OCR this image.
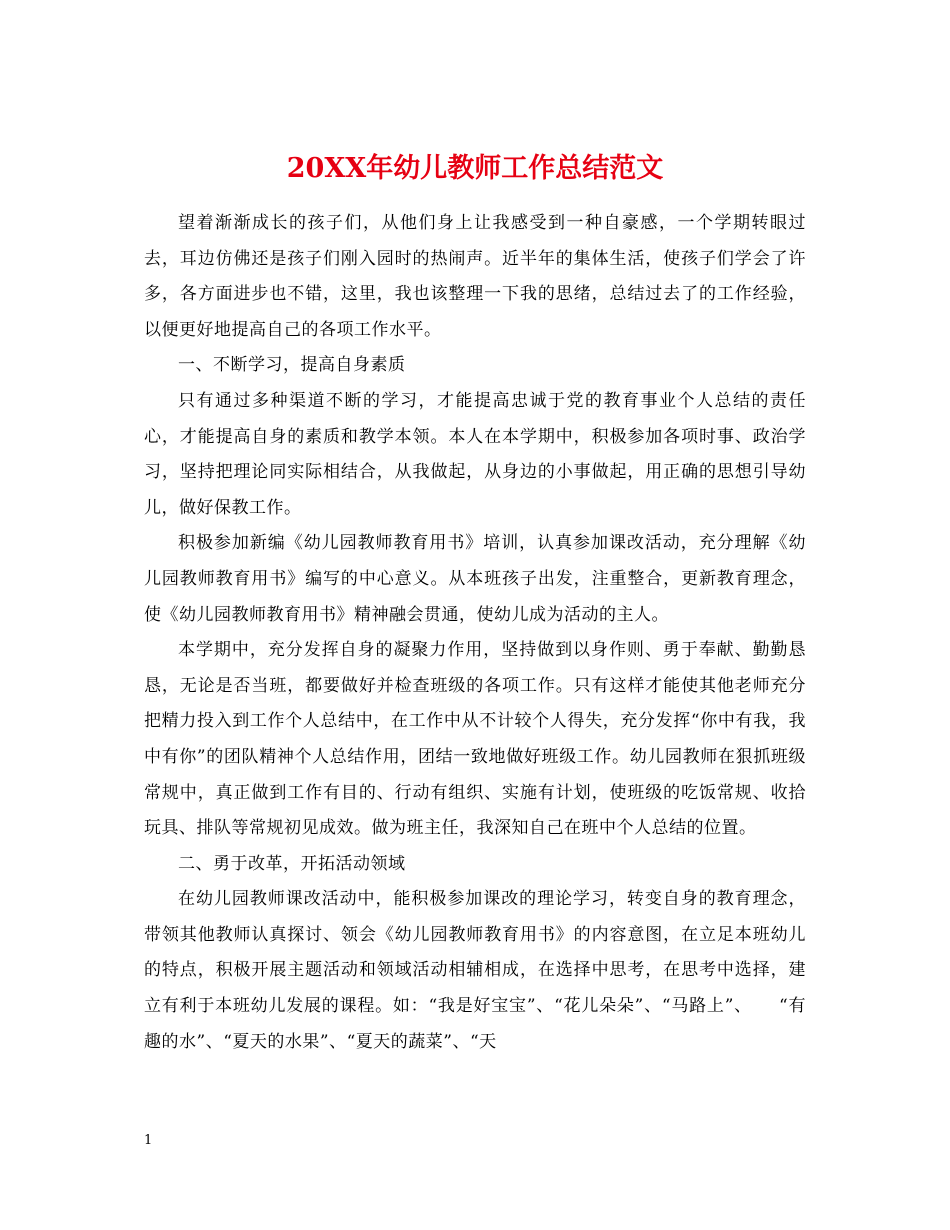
20XX年幼儿教师工作总结范文

望着渐渐成长的孩子们，从他们身上让我感受到一种自豪感，一个学期转眼过去，耳边仿佛还是孩子们刚入园时的热闹声。近半年的集体生活，使孩子们学会了许多，各方面进步也不错，这里，我也该整理一下我的思绪，总结过去了的工作经验，以便更好地提高自己的各项工作水平。

一、不断学习，提高自身素质

只有通过多种渠道不断的学习，才能提高忠诚于党的教育事业个人总结的责任心，才能提高自身的素质和教学本领。本人在本学期中，积极参加各项时事、政治学习，坚持把理论同实际相结合，从我做起，从身边的小事做起，用正确的思想引导幼儿，做好保教工作。

积极参加新编《幼儿园教师教育用书》培训，认真参加课改活动，充分理解《幼儿园教师教育用书》编写的中心意义。从本班孩子出发，注重整合，更新教育理念，使《幼儿园教师教育用书》精神融会贯通，使幼儿成为活动的主人。

本学期中，充分发挥自身的凝聚力作用，坚持做到以身作则、勇于奉献、勤勤恳恳，无论是否当班，都要做好并检查班级的各项工作。只有这样才能使其他老师充分把精力投入到工作个人总结中，在工作中从不计较个人得失，充分发挥“你中有我，我中有你”的团队精神个人总结作用，团结一致地做好班级工作。幼儿园教师在狠抓班级常规中，真正做到工作有目的、行动有组织、实施有计划，使班级的吃饭常规、收拾玩具、排队等常规初见成效。做为班主任，我深知自己在班中个人总结的位置。

二、勇于改革，开拓活动领域

在幼儿园教师课改活动中，能积极参加课改的理论学习，转变自身的教育理念，带领其他教师认真探讨、领会《幼儿园教师教育用书》的内容意图，在立足本班幼儿的特点，积极开展主题活动和领域活动相辅相成，在选择中思考，在思考中选择，建立有利于本班幼儿发展的课程。如：“我是好宝宝”、“花儿朵朵”、“马路上”、　　“有趣的水”、“夏天的水果”、“夏天的蔬菜”、“天

1
